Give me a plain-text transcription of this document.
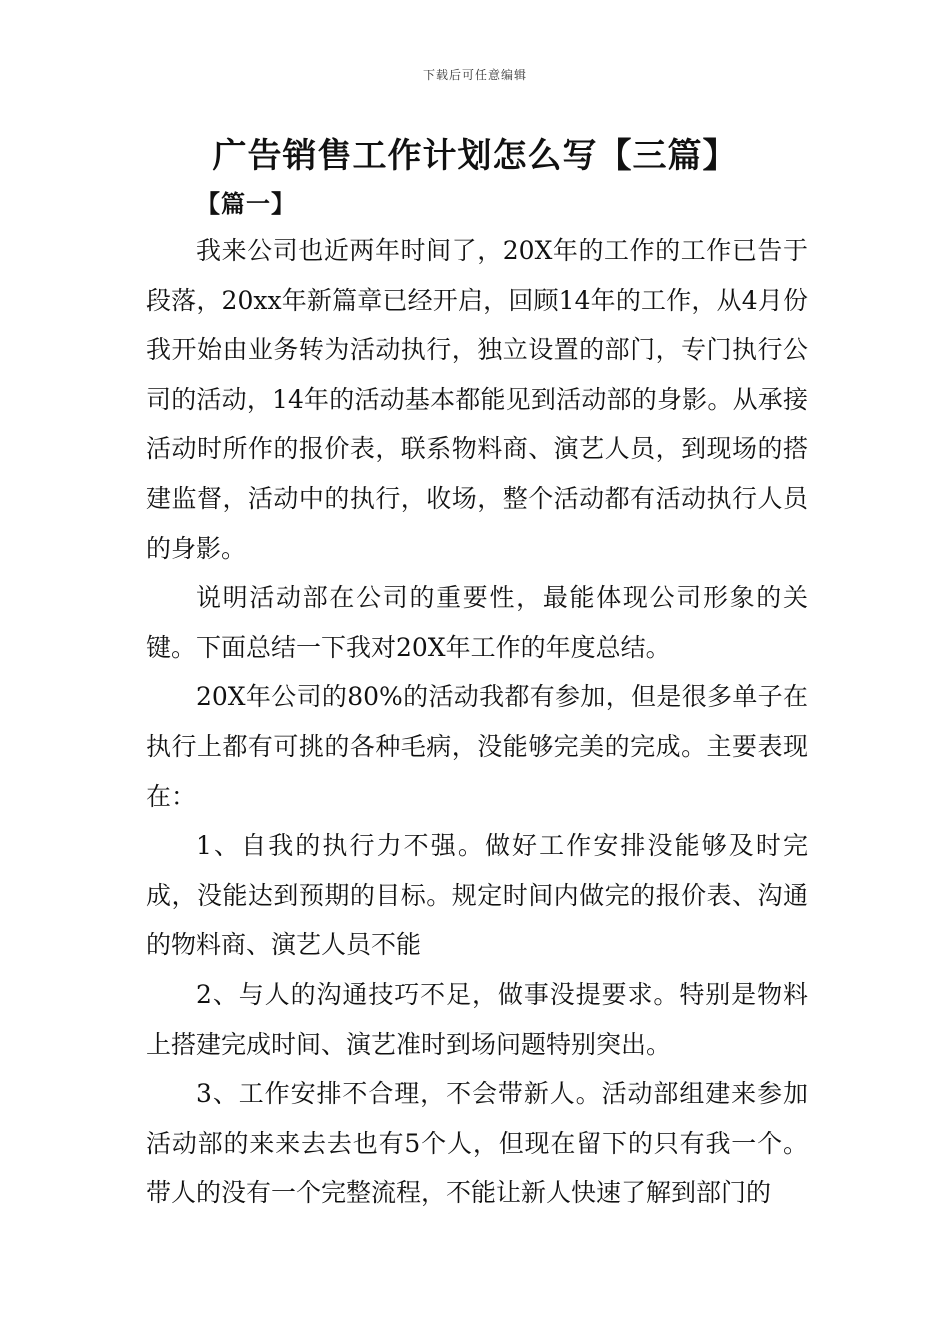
下载后可任意编辑
广告销售工作计划怎么写【三篇】
【篇一】

我来公司也近两年时间了，20X年的工作的工作已告于段落，20xx年新篇章已经开启，回顾14年的工作，从4月份我开始由业务转为活动执行，独立设置的部门，专门执行公司的活动，14年的活动基本都能见到活动部的身影。从承接活动时所作的报价表，联系物料商、演艺人员，到现场的搭建监督，活动中的执行，收场，整个活动都有活动执行人员的身影。

说明活动部在公司的重要性，最能体现公司形象的关键。下面总结一下我对20X年工作的年度总结。

20X年公司的80%的活动我都有参加，但是很多单子在执行上都有可挑的各种毛病，没能够完美的完成。主要表现在：

1、自我的执行力不强。做好工作安排没能够及时完成，没能达到预期的目标。规定时间内做完的报价表、沟通的物料商、演艺人员不能

2、与人的沟通技巧不足，做事没提要求。特别是物料上搭建完成时间、演艺准时到场问题特别突出。

3、工作安排不合理，不会带新人。活动部组建来参加活动部的来来去去也有5个人，但现在留下的只有我一个。带人的没有一个完整流程，不能让新人快速了解到部门的
